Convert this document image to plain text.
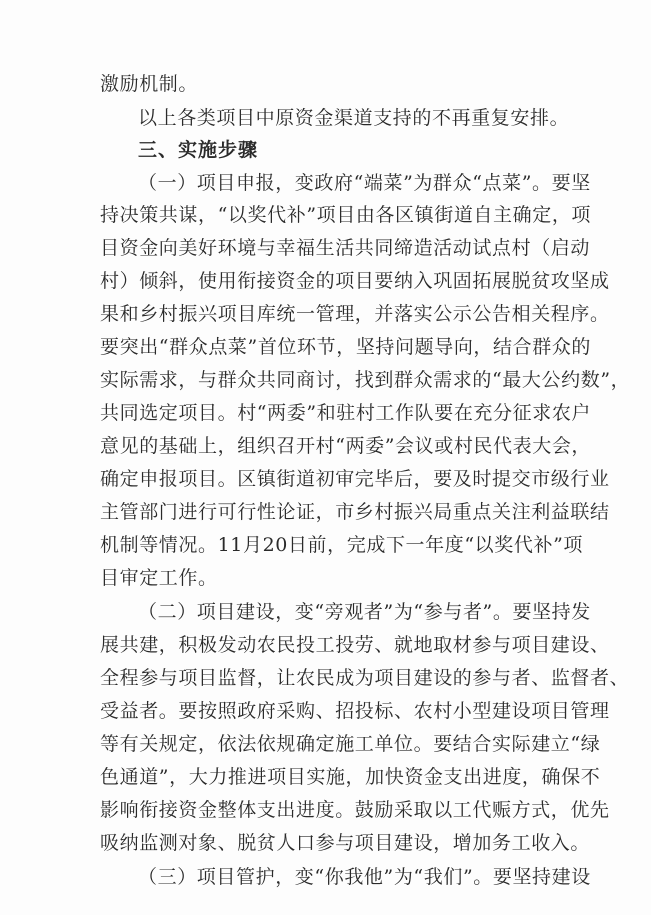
激励机制。
以上各类项目中原资金渠道支持的不再重复安排。
三、实施步骤
（一）项目申报，变政府“端菜”为群众“点菜”。要坚
持决策共谋，“以奖代补”项目由各区镇街道自主确定，项
目资金向美好环境与幸福生活共同缔造活动试点村（启动
村）倾斜，使用衔接资金的项目要纳入巩固拓展脱贫攻坚成
果和乡村振兴项目库统一管理，并落实公示公告相关程序。
要突出“群众点菜”首位环节，坚持问题导向，结合群众的
实际需求，与群众共同商讨，找到群众需求的“最大公约数”，
共同选定项目。村“两委”和驻村工作队要在充分征求农户
意见的基础上，组织召开村“两委”会议或村民代表大会，
确定申报项目。区镇街道初审完毕后，要及时提交市级行业
主管部门进行可行性论证，市乡村振兴局重点关注利益联结
机制等情况。11月20日前，完成下一年度“以奖代补”项
目审定工作。
（二）项目建设，变“旁观者”为“参与者”。要坚持发
展共建，积极发动农民投工投劳、就地取材参与项目建设、
全程参与项目监督，让农民成为项目建设的参与者、监督者、
受益者。要按照政府采购、招投标、农村小型建设项目管理
等有关规定，依法依规确定施工单位。要结合实际建立“绿
色通道”，大力推进项目实施，加快资金支出进度，确保不
影响衔接资金整体支出进度。鼓励采取以工代赈方式，优先
吸纳监测对象、脱贫人口参与项目建设，增加务工收入。
（三）项目管护，变“你我他”为“我们”。要坚持建设
